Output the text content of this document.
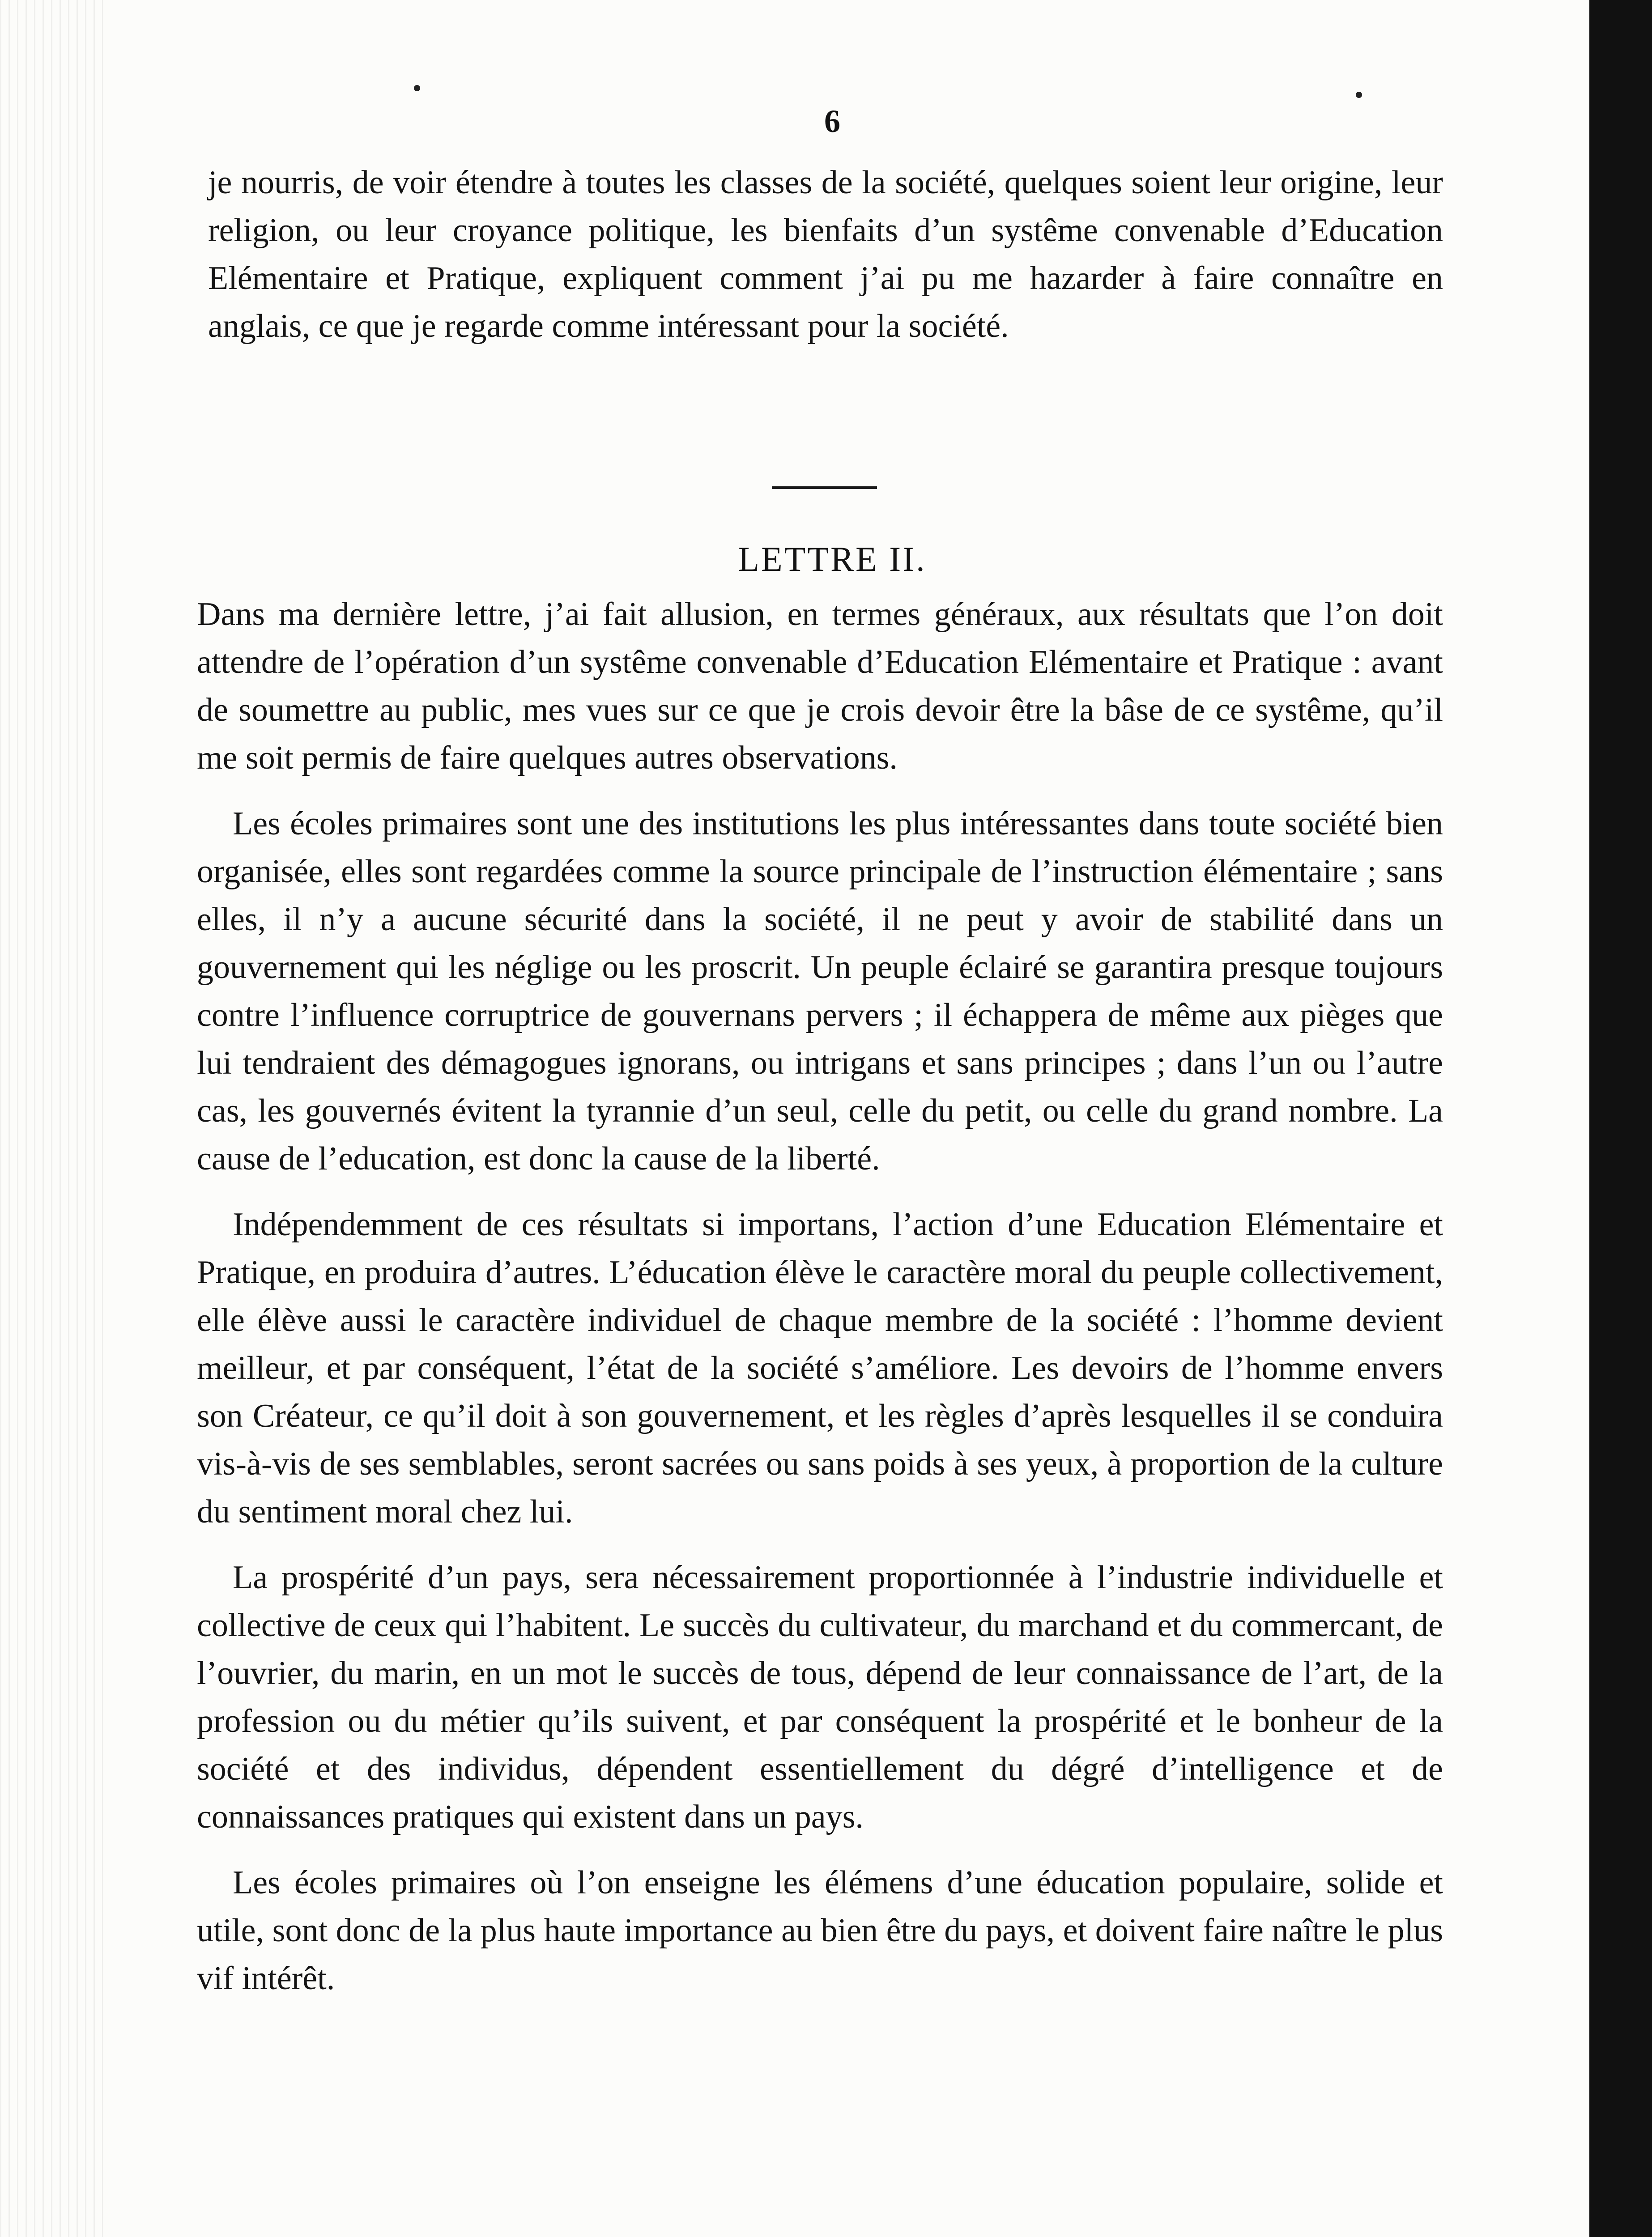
6

je nourris, de voir étendre à toutes les classes de la société, quelques soient leur origine, leur religion, ou leur croyance politique, les bienfaits d’un systême convenable d’Education Elémentaire et Pratique, expliquent comment j’ai pu me hazarder à faire connaître en anglais, ce que je regarde comme intéressant pour la société.

LETTRE II.

Dans ma dernière lettre, j’ai fait allusion, en termes généraux, aux résultats que l’on doit attendre de l’opération d’un systême convenable d’Education Elémentaire et Pratique : avant de soumettre au public, mes vues sur ce que je crois devoir être la bâse de ce systême, qu’il me soit permis de faire quelques autres observations.

Les écoles primaires sont une des institutions les plus intéressantes dans toute société bien organisée, elles sont regardées comme la source principale de l’instruction élémentaire ; sans elles, il n’y a aucune sécurité dans la société, il ne peut y avoir de stabilité dans un gouvernement qui les néglige ou les proscrit. Un peuple éclairé se garantira presque toujours contre l’influence corruptrice de gouvernans pervers ; il échappera de même aux pièges que lui tendraient des démagogues ignorans, ou intrigans et sans principes ; dans l’un ou l’autre cas, les gouvernés évitent la tyrannie d’un seul, celle du petit, ou celle du grand nombre. La cause de l’education, est donc la cause de la liberté.

Indépendemment de ces résultats si importans, l’action d’une Education Elémentaire et Pratique, en produira d’autres. L’éducation élève le caractère moral du peuple collectivement, elle élève aussi le caractère individuel de chaque membre de la société : l’homme devient meilleur, et par conséquent, l’état de la société s’améliore. Les devoirs de l’homme envers son Créateur, ce qu’il doit à son gouvernement, et les règles d’après lesquelles il se conduira vis-à-vis de ses semblables, seront sacrées ou sans poids à ses yeux, à proportion de la culture du sentiment moral chez lui.

La prospérité d’un pays, sera nécessairement proportionnée à l’industrie individuelle et collective de ceux qui l’habitent. Le succès du cultivateur, du marchand et du commercant, de l’ouvrier, du marin, en un mot le succès de tous, dépend de leur connaissance de l’art, de la profession ou du métier qu’ils suivent, et par conséquent la prospérité et le bonheur de la société et des individus, dépendent essentiellement du dégré d’intelligence et de connaissances pratiques qui existent dans un pays.

Les écoles primaires où l’on enseigne les élémens d’une éducation populaire, solide et utile, sont donc de la plus haute importance au bien être du pays, et doivent faire naître le plus vif intérêt.
